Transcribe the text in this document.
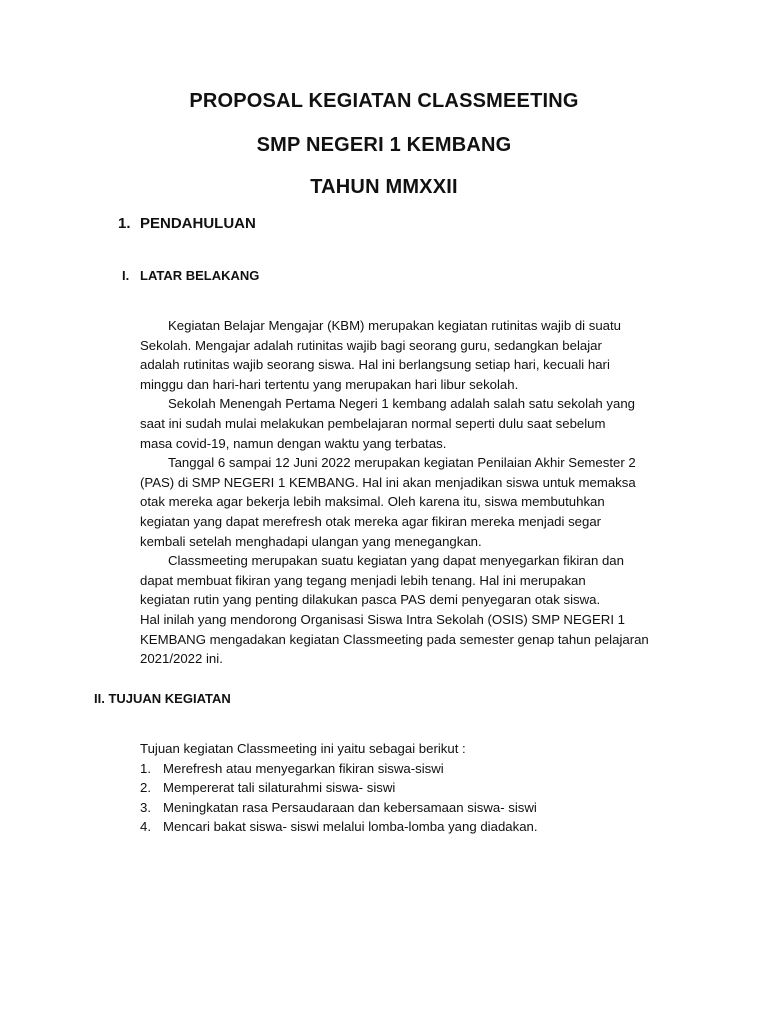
PROPOSAL KEGIATAN CLASSMEETING
SMP NEGERI 1 KEMBANG
TAHUN MMXXII
1. PENDAHULUAN
I. LATAR BELAKANG
Kegiatan Belajar Mengajar (KBM) merupakan kegiatan rutinitas wajib di suatu
Sekolah. Mengajar adalah rutinitas wajib bagi seorang guru, sedangkan belajar
adalah rutinitas wajib seorang siswa. Hal ini berlangsung setiap hari, kecuali hari
minggu dan hari-hari tertentu yang merupakan hari libur sekolah.
Sekolah Menengah Pertama Negeri 1 kembang adalah salah satu sekolah yang
saat ini sudah mulai melakukan pembelajaran normal seperti dulu saat sebelum
masa covid-19, namun dengan waktu yang terbatas.
Tanggal 6 sampai 12 Juni 2022 merupakan kegiatan Penilaian Akhir Semester 2
(PAS) di SMP NEGERI 1 KEMBANG. Hal ini akan menjadikan siswa untuk memaksa
otak mereka agar bekerja lebih maksimal. Oleh karena itu, siswa membutuhkan
kegiatan yang dapat merefresh otak mereka agar fikiran mereka menjadi segar
kembali setelah menghadapi ulangan yang menegangkan.
Classmeeting merupakan suatu kegiatan yang dapat menyegarkan fikiran dan
dapat membuat fikiran yang tegang menjadi lebih tenang. Hal ini merupakan
kegiatan rutin yang penting dilakukan pasca PAS demi penyegaran otak siswa.
Hal inilah yang mendorong Organisasi Siswa Intra Sekolah (OSIS) SMP NEGERI 1
KEMBANG mengadakan kegiatan Classmeeting pada semester genap tahun pelajaran
2021/2022 ini.
II. TUJUAN KEGIATAN
Tujuan kegiatan Classmeeting ini yaitu sebagai berikut :
1. Merefresh atau menyegarkan fikiran siswa-siswi
2. Mempererat tali silaturahmi siswa- siswi
3. Meningkatan rasa Persaudaraan dan kebersamaan siswa- siswi
4. Mencari bakat siswa- siswi melalui lomba-lomba yang diadakan.
